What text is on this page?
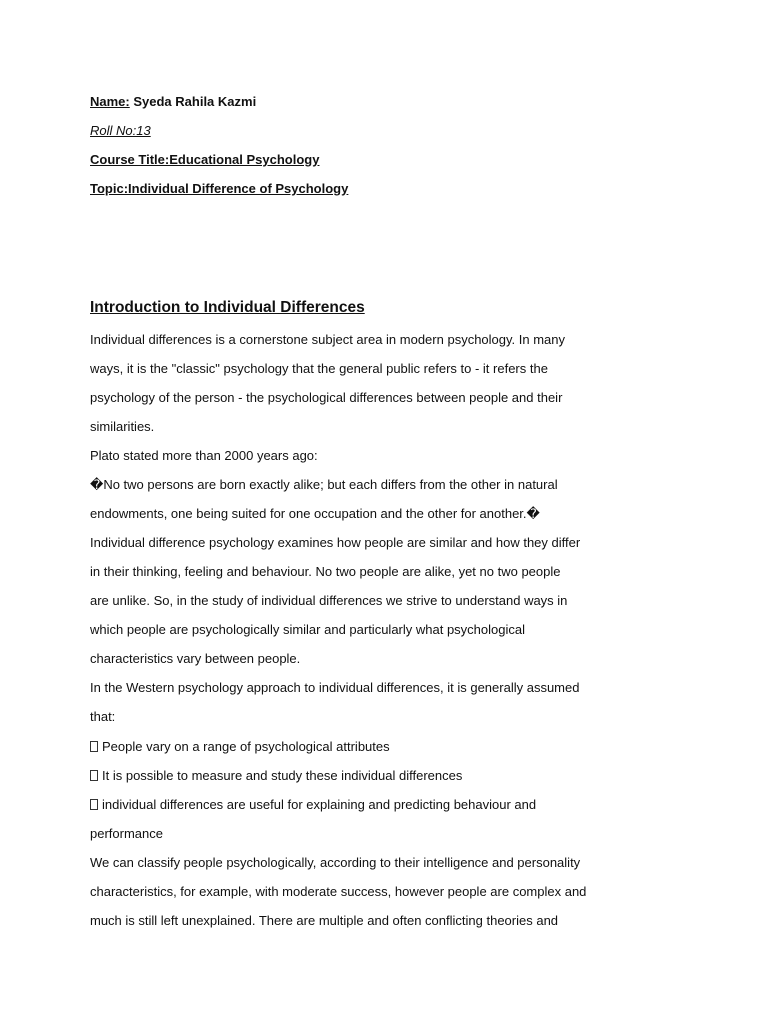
Name: Syeda Rahila Kazmi
Roll No:13
Course Title:Educational Psychology
Topic:Individual Difference of Psychology
Introduction to Individual Differences
Individual differences is a cornerstone subject area in modern psychology. In many
ways, it is the "classic" psychology that the general public refers to - it refers the
psychology of the person - the psychological differences between people and their
similarities.
Plato stated more than 2000 years ago:
�No two persons are born exactly alike; but each differs from the other in natural
endowments, one being suited for one occupation and the other for another.�
Individual difference psychology examines how people are similar and how they differ
in their thinking, feeling and behaviour. No two people are alike, yet no two people
are unlike. So, in the study of individual differences we strive to understand ways in
which people are psychologically similar and particularly what psychological
characteristics vary between people.
In the Western psychology approach to individual differences, it is generally assumed
that:
People vary on a range of psychological attributes
It is possible to measure and study these individual differences
individual differences are useful for explaining and predicting behaviour and
performance
We can classify people psychologically, according to their intelligence and personality
characteristics, for example, with moderate success, however people are complex and
much is still left unexplained. There are multiple and often conflicting theories and
